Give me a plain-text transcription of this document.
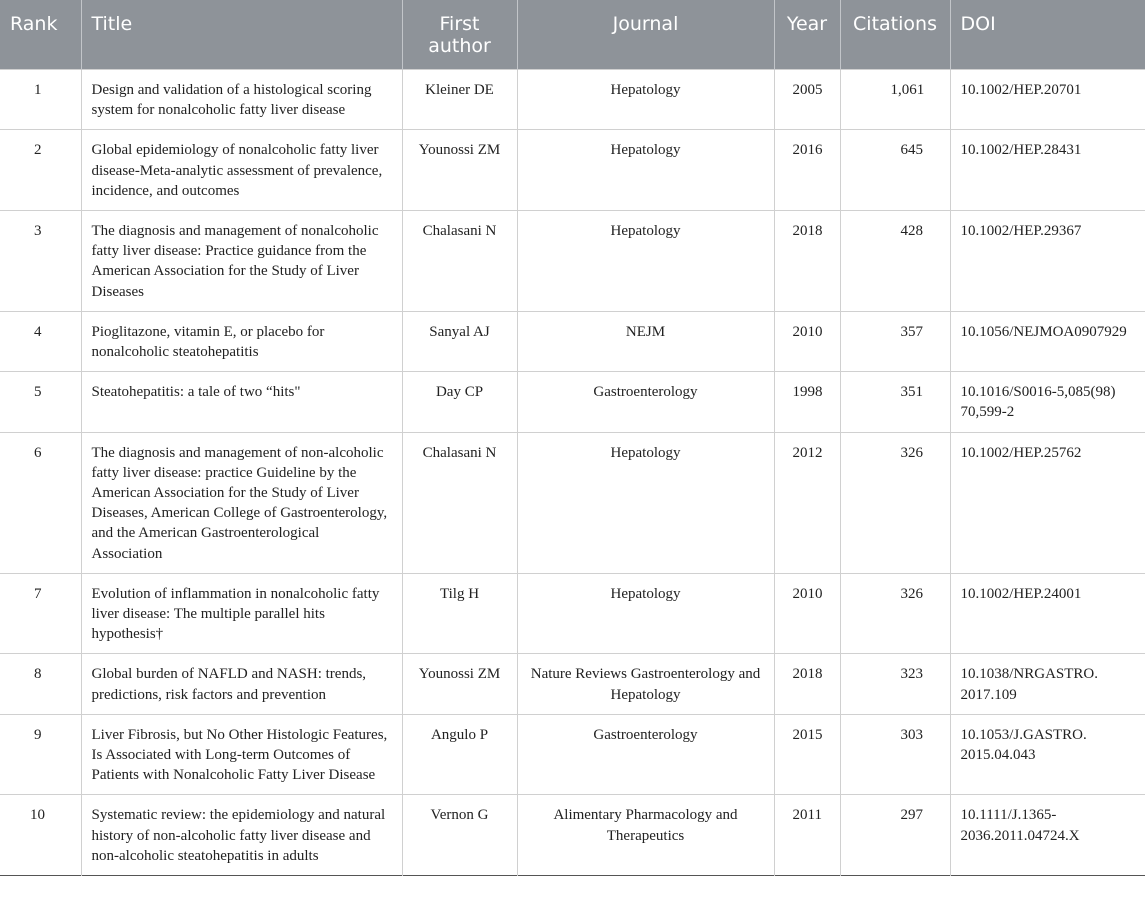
Rank	Title	First author	Journal	Year	Citations	DOI
1	Design and validation of a histological scoring system for nonalcoholic fatty liver disease	Kleiner DE	Hepatology	2005	1,061	10.1002/HEP.20701
2	Global epidemiology of nonalcoholic fatty liver disease-Meta-analytic assessment of prevalence, incidence, and outcomes	Younossi ZM	Hepatology	2016	645	10.1002/HEP.28431
3	The diagnosis and management of nonalcoholic fatty liver disease: Practice guidance from the American Association for the Study of Liver Diseases	Chalasani N	Hepatology	2018	428	10.1002/HEP.29367
4	Pioglitazone, vitamin E, or placebo for nonalcoholic steatohepatitis	Sanyal AJ	NEJM	2010	357	10.1056/NEJMOA0907929
5	Steatohepatitis: a tale of two “hits"	Day CP	Gastroenterology	1998	351	10.1016/S0016-5,085(98) 70,599-2
6	The diagnosis and management of non-alcoholic fatty liver disease: practice Guideline by the American Association for the Study of Liver Diseases, American College of Gastroenterology, and the American Gastroenterological Association	Chalasani N	Hepatology	2012	326	10.1002/HEP.25762
7	Evolution of inflammation in nonalcoholic fatty liver disease: The multiple parallel hits hypothesis†	Tilg H	Hepatology	2010	326	10.1002/HEP.24001
8	Global burden of NAFLD and NASH: trends, predictions, risk factors and prevention	Younossi ZM	Nature Reviews Gastroenterology and Hepatology	2018	323	10.1038/NRGASTRO. 2017.109
9	Liver Fibrosis, but No Other Histologic Features, Is Associated with Long-term Outcomes of Patients with Nonalcoholic Fatty Liver Disease	Angulo P	Gastroenterology	2015	303	10.1053/J.GASTRO. 2015.04.043
10	Systematic review: the epidemiology and natural history of non-alcoholic fatty liver disease and non-alcoholic steatohepatitis in adults	Vernon G	Alimentary Pharmacology and Therapeutics	2011	297	10.1111/J.1365- 2036.2011.04724.X
